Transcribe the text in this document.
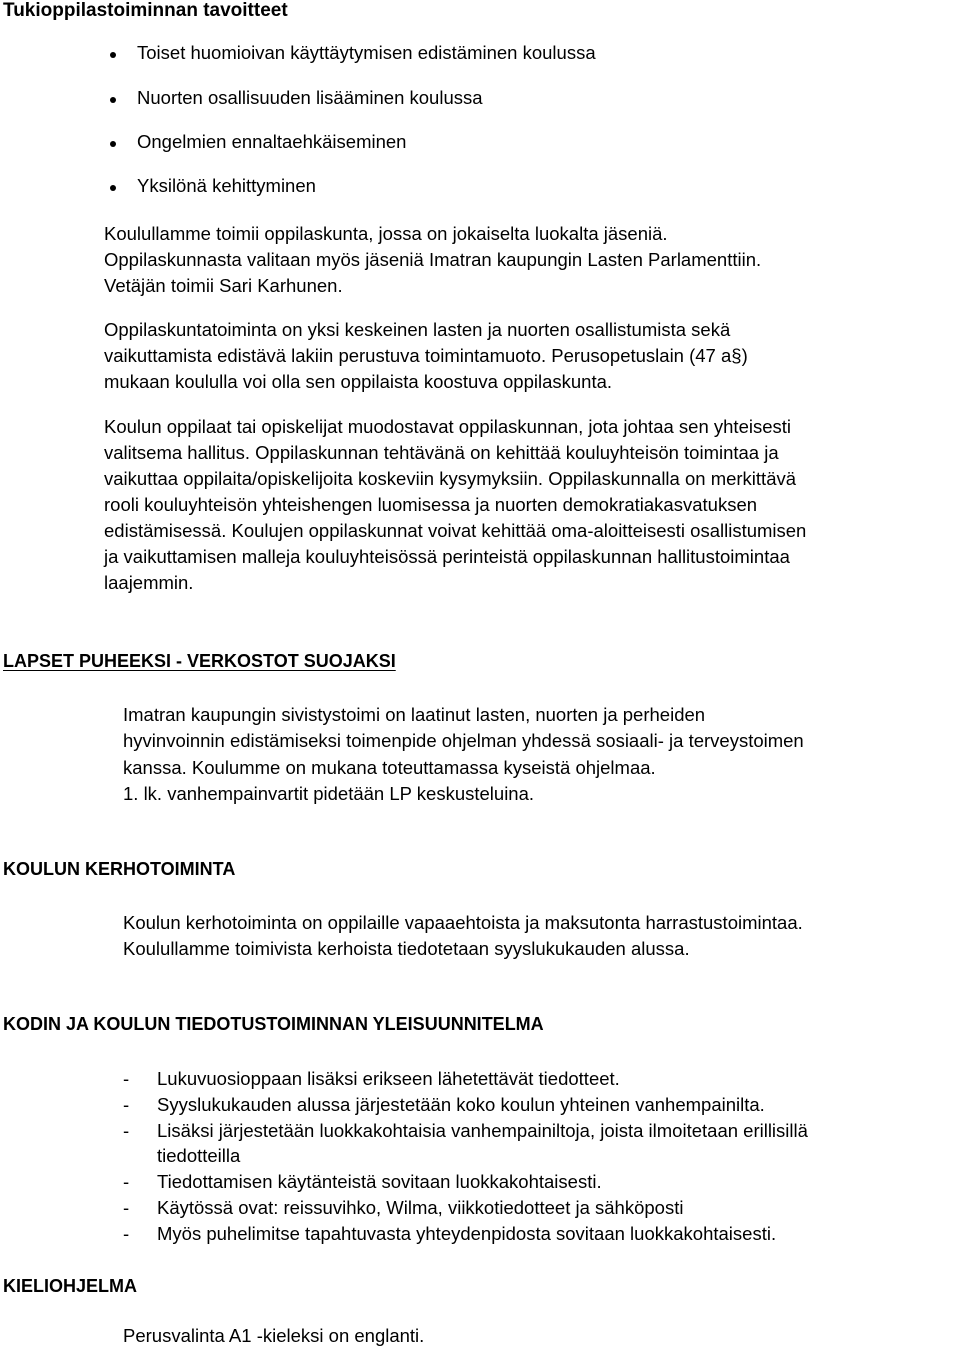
Tukioppilastoiminnan tavoitteet
Toiset huomioivan käyttäytymisen edistäminen koulussa
Nuorten osallisuuden lisääminen koulussa
Ongelmien ennaltaehkäiseminen
Yksilönä kehittyminen
Koulullamme toimii oppilaskunta, jossa on jokaiselta luokalta jäseniä.
Oppilaskunnasta valitaan myös jäseniä Imatran kaupungin Lasten Parlamenttiin.
Vetäjän toimii Sari Karhunen.
Oppilaskuntatoiminta on yksi keskeinen lasten ja nuorten osallistumista sekä
vaikuttamista edistävä lakiin perustuva toimintamuoto. Perusopetuslain (47 a§)
mukaan koululla voi olla sen oppilaista koostuva oppilaskunta.
Koulun oppilaat tai opiskelijat muodostavat oppilaskunnan, jota johtaa sen yhteisesti
valitsema hallitus. Oppilaskunnan tehtävänä on kehittää kouluyhteisön toimintaa ja
vaikuttaa oppilaita/opiskelijoita koskeviin kysymyksiin. Oppilaskunnalla on merkittävä
rooli kouluyhteisön yhteishengen luomisessa ja nuorten demokratiakasvatuksen
edistämisessä. Koulujen oppilaskunnat voivat kehittää oma-aloitteisesti osallistumisen
ja vaikuttamisen malleja kouluyhteisössä perinteistä oppilaskunnan hallitustoimintaa
laajemmin.
LAPSET PUHEEKSI - VERKOSTOT SUOJAKSI
Imatran kaupungin sivistystoimi on laatinut lasten, nuorten ja perheiden
hyvinvoinnin edistämiseksi toimenpide ohjelman yhdessä sosiaali- ja terveystoimen
kanssa. Koulumme on mukana toteuttamassa kyseistä ohjelmaa.
1. lk. vanhempainvartit pidetään LP keskusteluina.
KOULUN KERHOTOIMINTA
Koulun kerhotoiminta on oppilaille vapaaehtoista ja maksutonta harrastustoimintaa.
Koulullamme toimivista kerhoista tiedotetaan syyslukukauden alussa.
KODIN JA KOULUN TIEDOTUSTOIMINNAN YLEISUUNNITELMA
- Lukuvuosioppaan lisäksi erikseen lähetettävät tiedotteet.
- Syyslukukauden alussa järjestetään koko koulun yhteinen vanhempainilta.
- Lisäksi järjestetään luokkakohtaisia vanhempainiltoja, joista ilmoitetaan erillisillä
tiedotteilla
- Tiedottamisen käytänteistä sovitaan luokkakohtaisesti.
- Käytössä ovat: reissuvihko, Wilma, viikkotiedotteet ja sähköposti
- Myös puhelimitse tapahtuvasta yhteydenpidosta sovitaan luokkakohtaisesti.
KIELIOHJELMA
Perusvalinta A1 -kieleksi on englanti.
